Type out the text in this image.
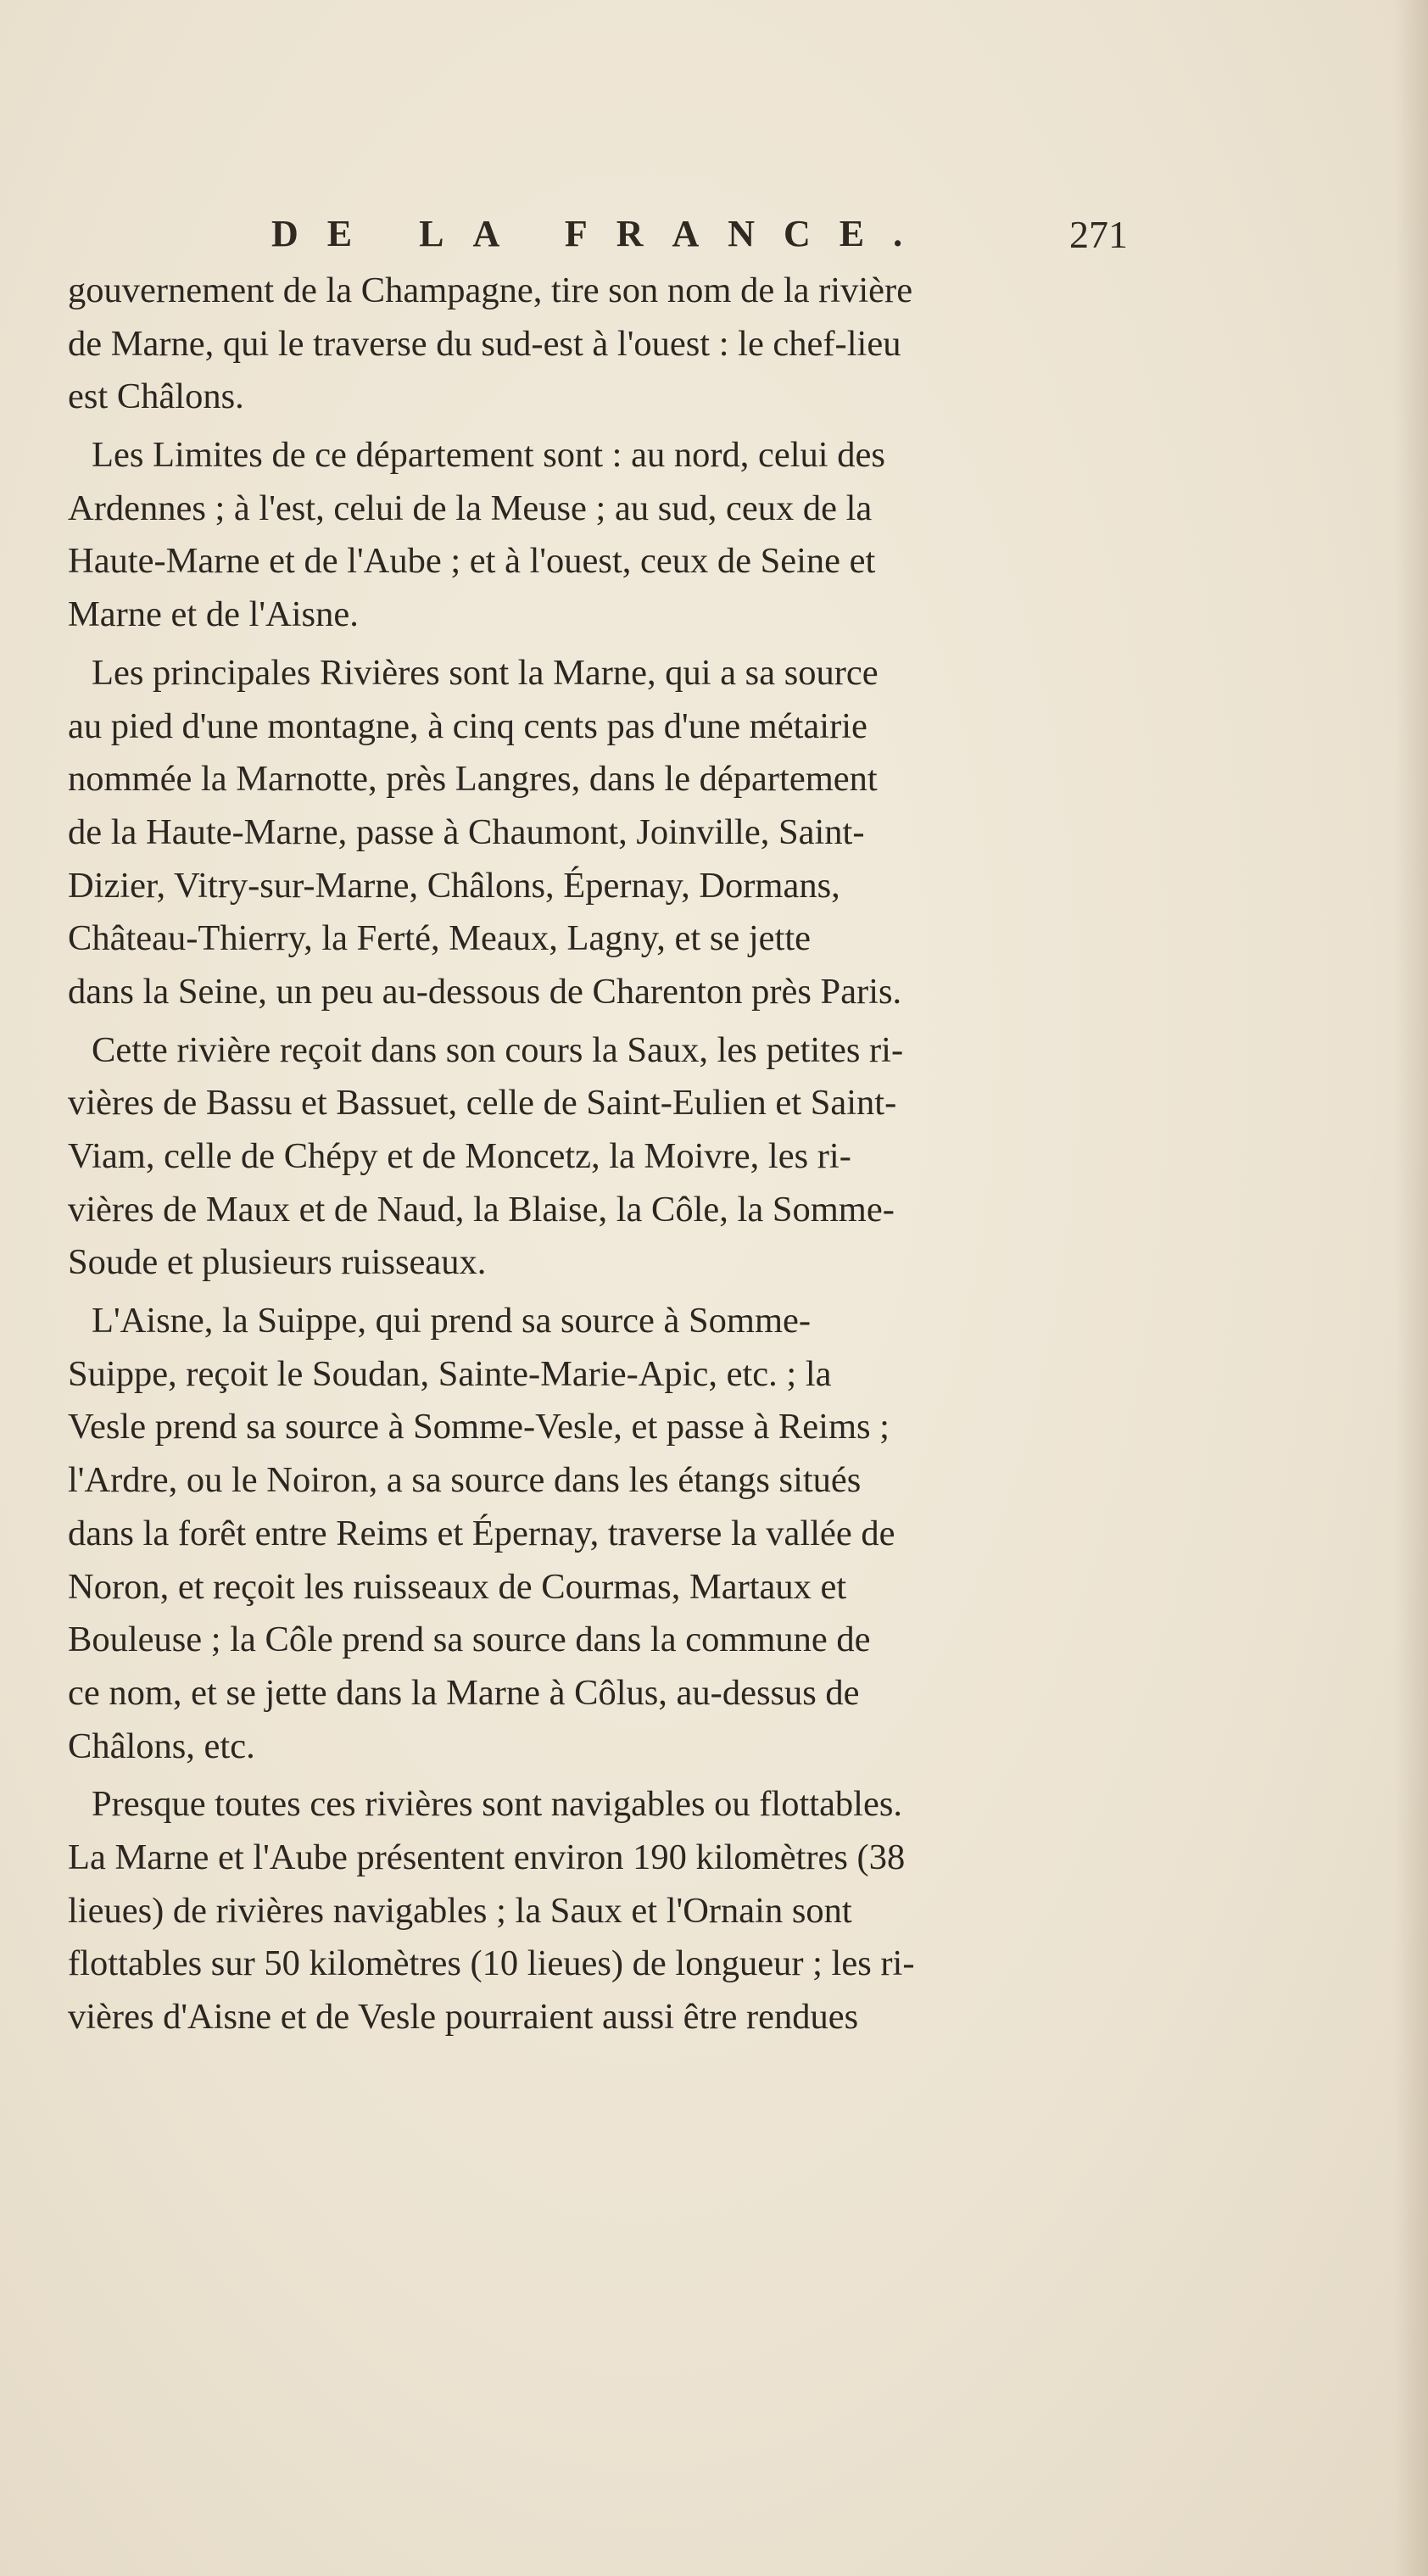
DE LA FRANCE.	271
gouvernement de la Champagne, tire son nom de la rivière
de Marne, qui le traverse du sud-est à l'ouest : le chef-lieu
est Châlons.
Les Limites de ce département sont : au nord, celui des
Ardennes ; à l'est, celui de la Meuse ; au sud, ceux de la
Haute-Marne et de l'Aube ; et à l'ouest, ceux de Seine et
Marne et de l'Aisne.
Les principales Rivières sont la Marne, qui a sa source
au pied d'une montagne, à cinq cents pas d'une métairie
nommée la Marnotte, près Langres, dans le département
de la Haute-Marne, passe à Chaumont, Joinville, Saint-
Dizier, Vitry-sur-Marne, Châlons, Épernay, Dormans,
Château-Thierry, la Ferté, Meaux, Lagny, et se jette
dans la Seine, un peu au-dessous de Charenton près Paris.
Cette rivière reçoit dans son cours la Saux, les petites ri-
vières de Bassu et Bassuet, celle de Saint-Eulien et Saint-
Viam, celle de Chépy et de Moncetz, la Moivre, les ri-
vières de Maux et de Naud, la Blaise, la Côle, la Somme-
Soude et plusieurs ruisseaux.
L'Aisne, la Suippe, qui prend sa source à Somme-
Suippe, reçoit le Soudan, Sainte-Marie-Apic, etc. ; la
Vesle prend sa source à Somme-Vesle, et passe à Reims ;
l'Ardre, ou le Noiron, a sa source dans les étangs situés
dans la forêt entre Reims et Épernay, traverse la vallée de
Noron, et reçoit les ruisseaux de Courmas, Martaux et
Bouleuse ; la Côle prend sa source dans la commune de
ce nom, et se jette dans la Marne à Côlus, au-dessus de
Châlons, etc.
Presque toutes ces rivières sont navigables ou flottables.
La Marne et l'Aube présentent environ 190 kilomètres (38
lieues) de rivières navigables ; la Saux et l'Ornain sont
flottables sur 50 kilomètres (10 lieues) de longueur ; les ri-
vières d'Aisne et de Vesle pourraient aussi être rendues
